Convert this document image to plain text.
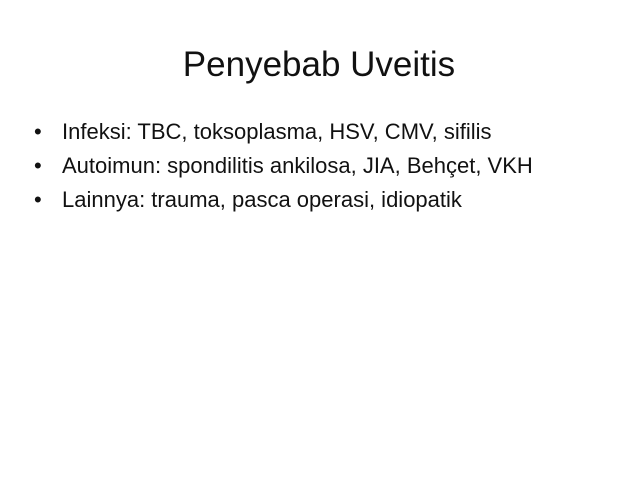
Penyebab Uveitis
• Infeksi: TBC, toksoplasma, HSV, CMV, sifilis
• Autoimun: spondilitis ankilosa, JIA, Behçet, VKH
• Lainnya: trauma, pasca operasi, idiopatik
